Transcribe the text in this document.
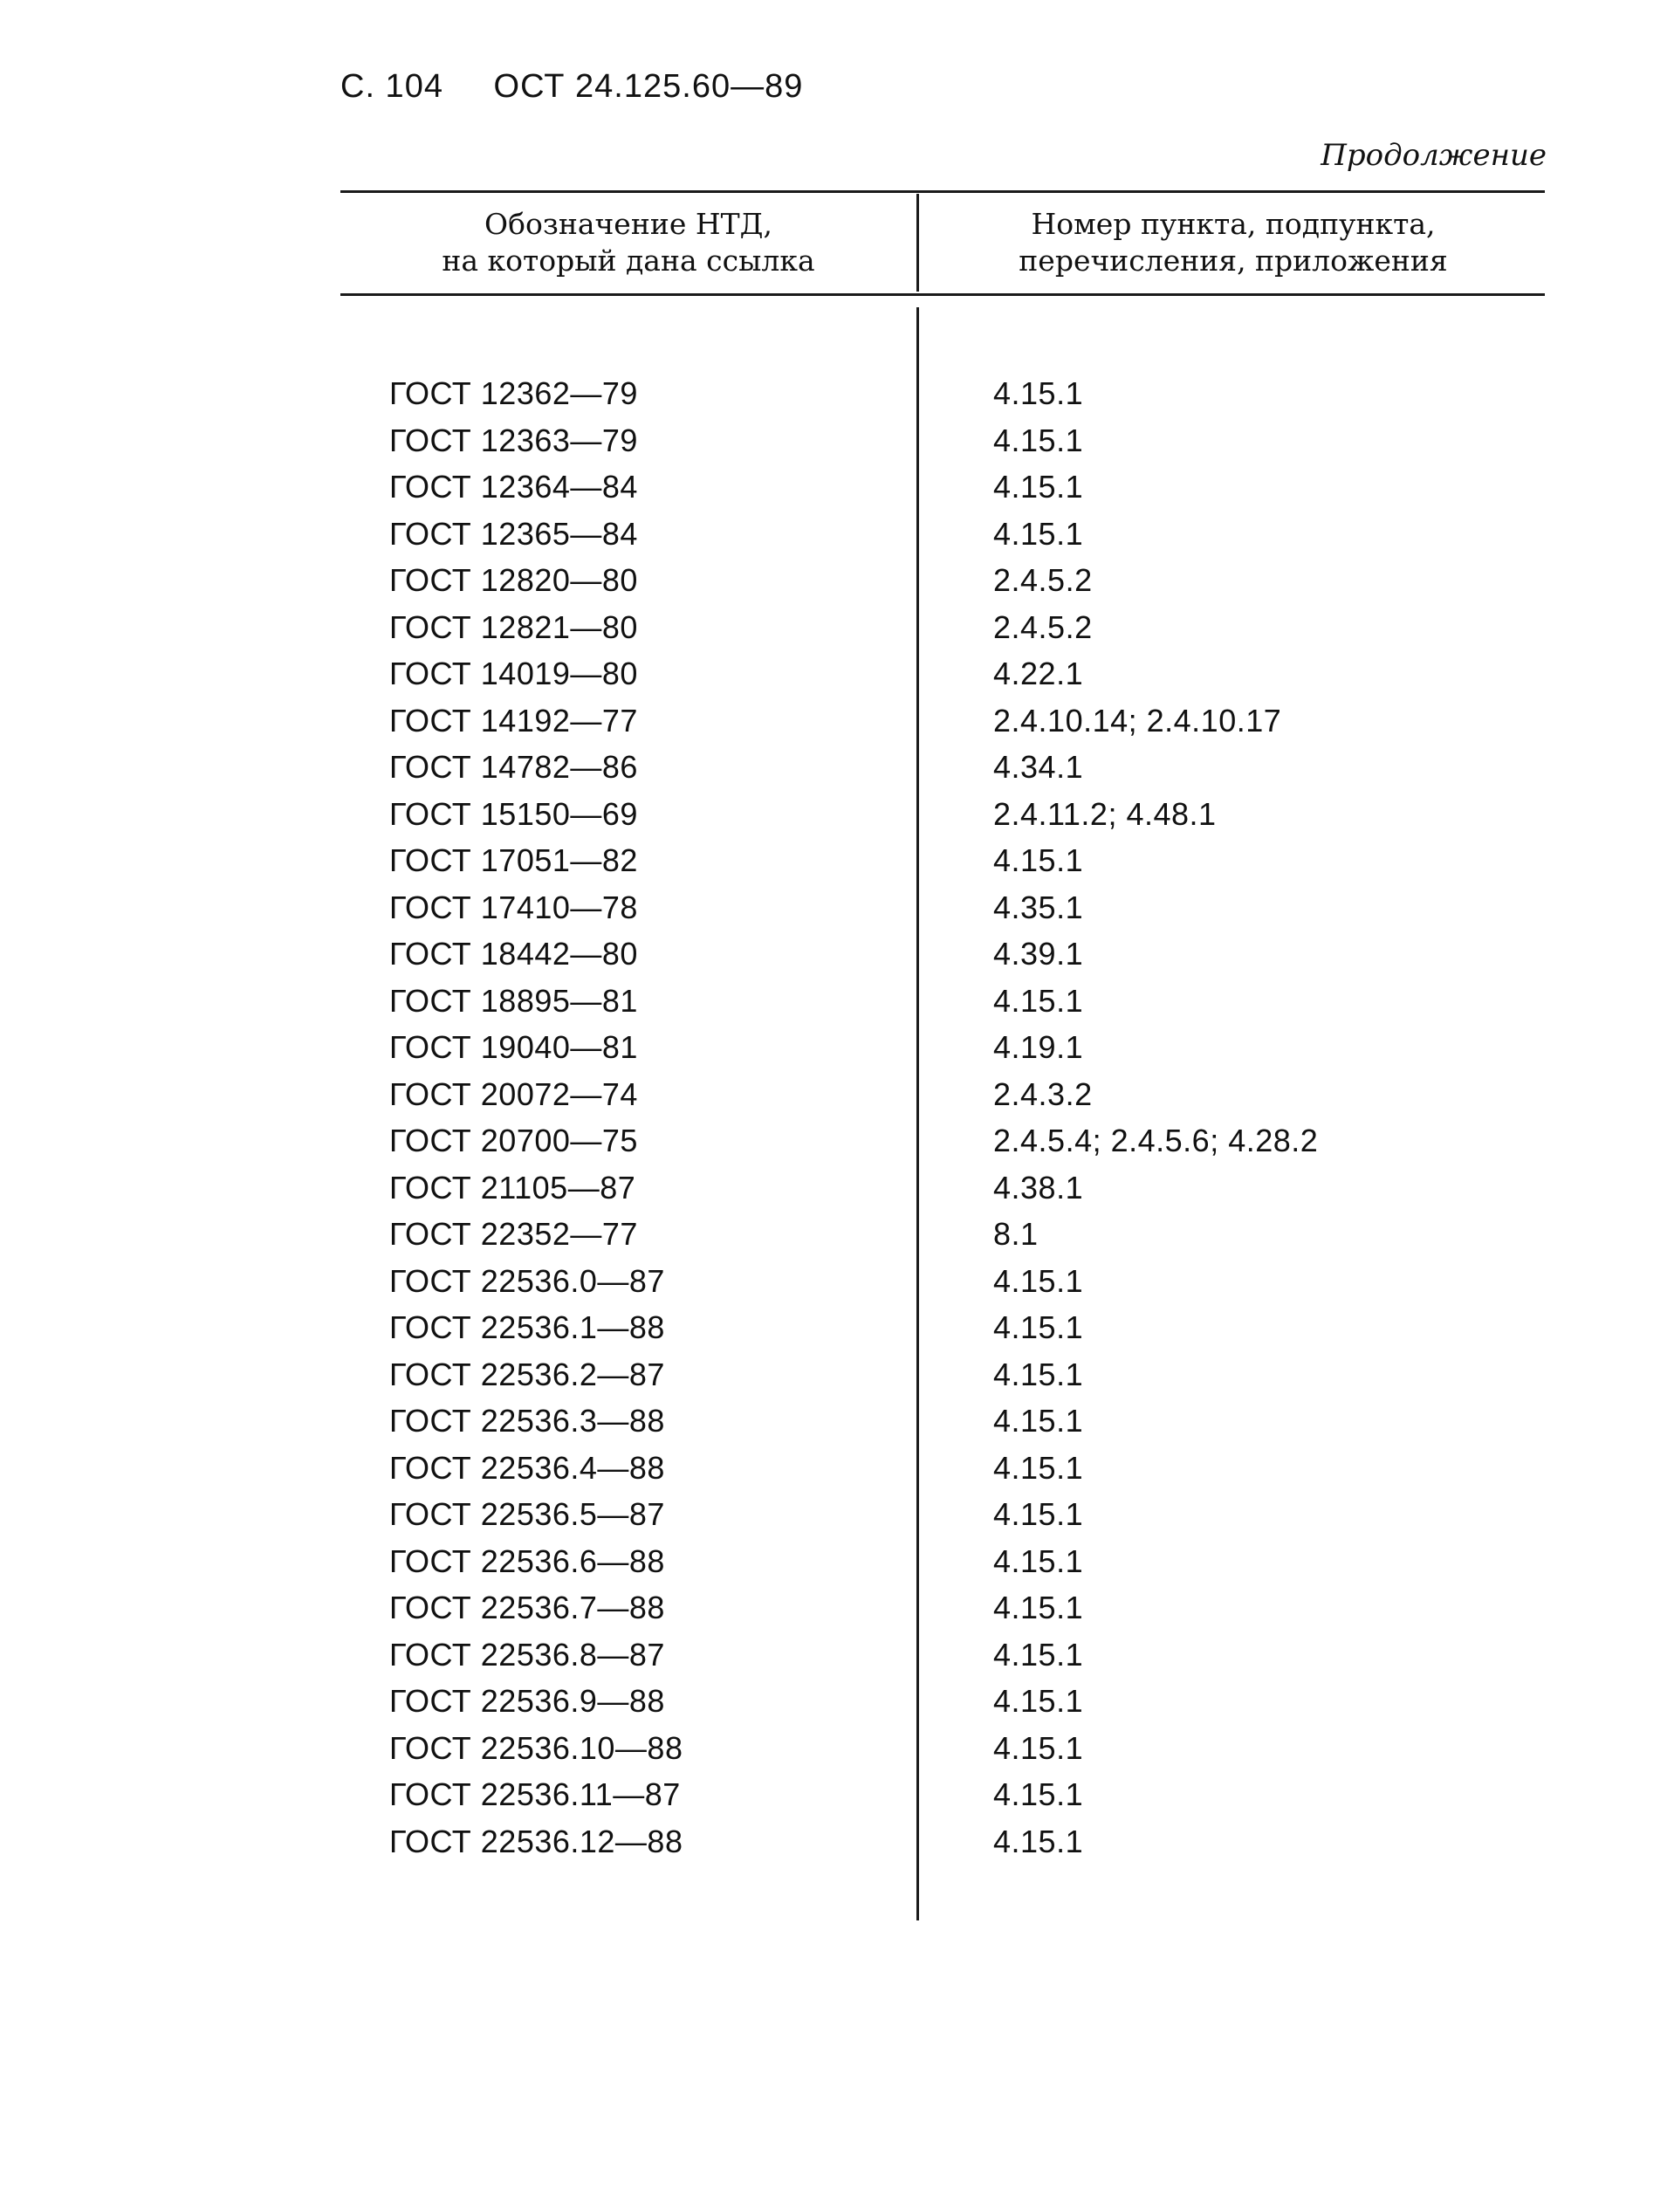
С. 104 ОСТ 24.125.60—89
Продолжение
Обозначение НТД,
на который дана ссылка
Номер пункта, подпункта,
перечисления, приложения
ГОСТ 12362—79	4.15.1
ГОСТ 12363—79	4.15.1
ГОСТ 12364—84	4.15.1
ГОСТ 12365—84	4.15.1
ГОСТ 12820—80	2.4.5.2
ГОСТ 12821—80	2.4.5.2
ГОСТ 14019—80	4.22.1
ГОСТ 14192—77	2.4.10.14; 2.4.10.17
ГОСТ 14782—86	4.34.1
ГОСТ 15150—69	2.4.11.2; 4.48.1
ГОСТ 17051—82	4.15.1
ГОСТ 17410—78	4.35.1
ГОСТ 18442—80	4.39.1
ГОСТ 18895—81	4.15.1
ГОСТ 19040—81	4.19.1
ГОСТ 20072—74	2.4.3.2
ГОСТ 20700—75	2.4.5.4; 2.4.5.6; 4.28.2
ГОСТ 21105—87	4.38.1
ГОСТ 22352—77	8.1
ГОСТ 22536.0—87	4.15.1
ГОСТ 22536.1—88	4.15.1
ГОСТ 22536.2—87	4.15.1
ГОСТ 22536.3—88	4.15.1
ГОСТ 22536.4—88	4.15.1
ГОСТ 22536.5—87	4.15.1
ГОСТ 22536.6—88	4.15.1
ГОСТ 22536.7—88	4.15.1
ГОСТ 22536.8—87	4.15.1
ГОСТ 22536.9—88	4.15.1
ГОСТ 22536.10—88	4.15.1
ГОСТ 22536.11—87	4.15.1
ГОСТ 22536.12—88	4.15.1
